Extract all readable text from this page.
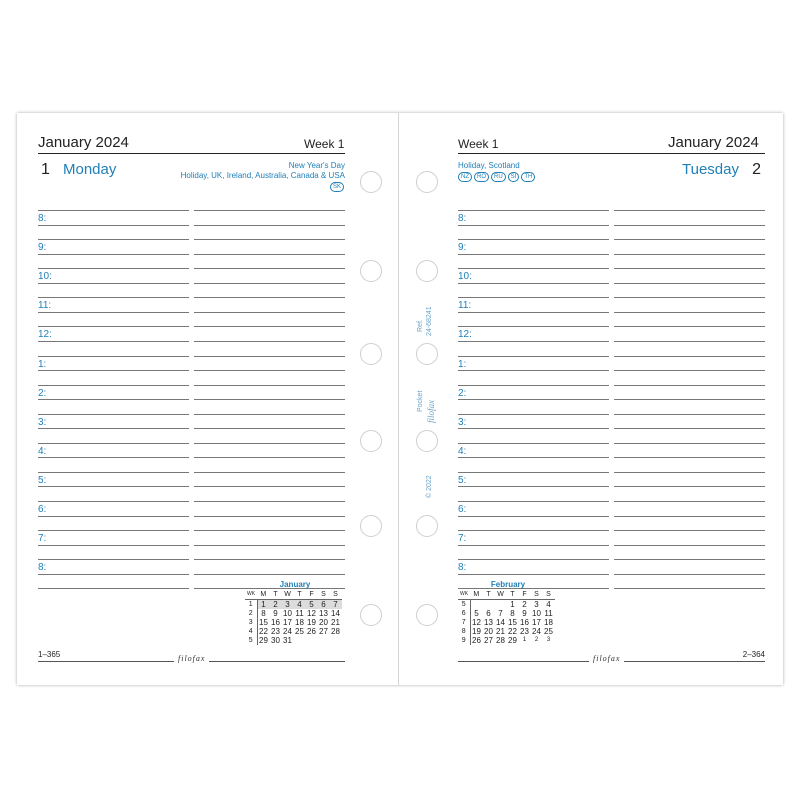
January 2024	Week 1
1 Monday	New Year's Day
Holiday, UK, Ireland, Australia, Canada & USA
SK
8:
9:
10:
11:
12:
1:
2:
3:
4:
5:
6:
7:
8:
January
WK	M	T	W	T	F	S	S
1	1	2	3	4	5	6	7
2	8	9	10	11	12	13	14
3	15	16	17	18	19	20	21
4	22	23	24	25	26	27	28
5	29	30	31				
1–365	filofax
Week 1	January 2024
Holiday, Scotland
NZ	RO	RU	SI	TH	Tuesday 2
8:
9:
10:
11:
12:
1:
2:
3:
4:
5:
6:
7:
8:
February
WK	M	T	W	T	F	S	S
5				1	2	3	4
6	5	6	7	8	9	10	11
7	12	13	14	15	16	17	18
8	19	20	21	22	23	24	25
9	26	27	28	29	1	2	3
filofax	2–364
Ref. 24-68241
Pocket filofax
© 2022
